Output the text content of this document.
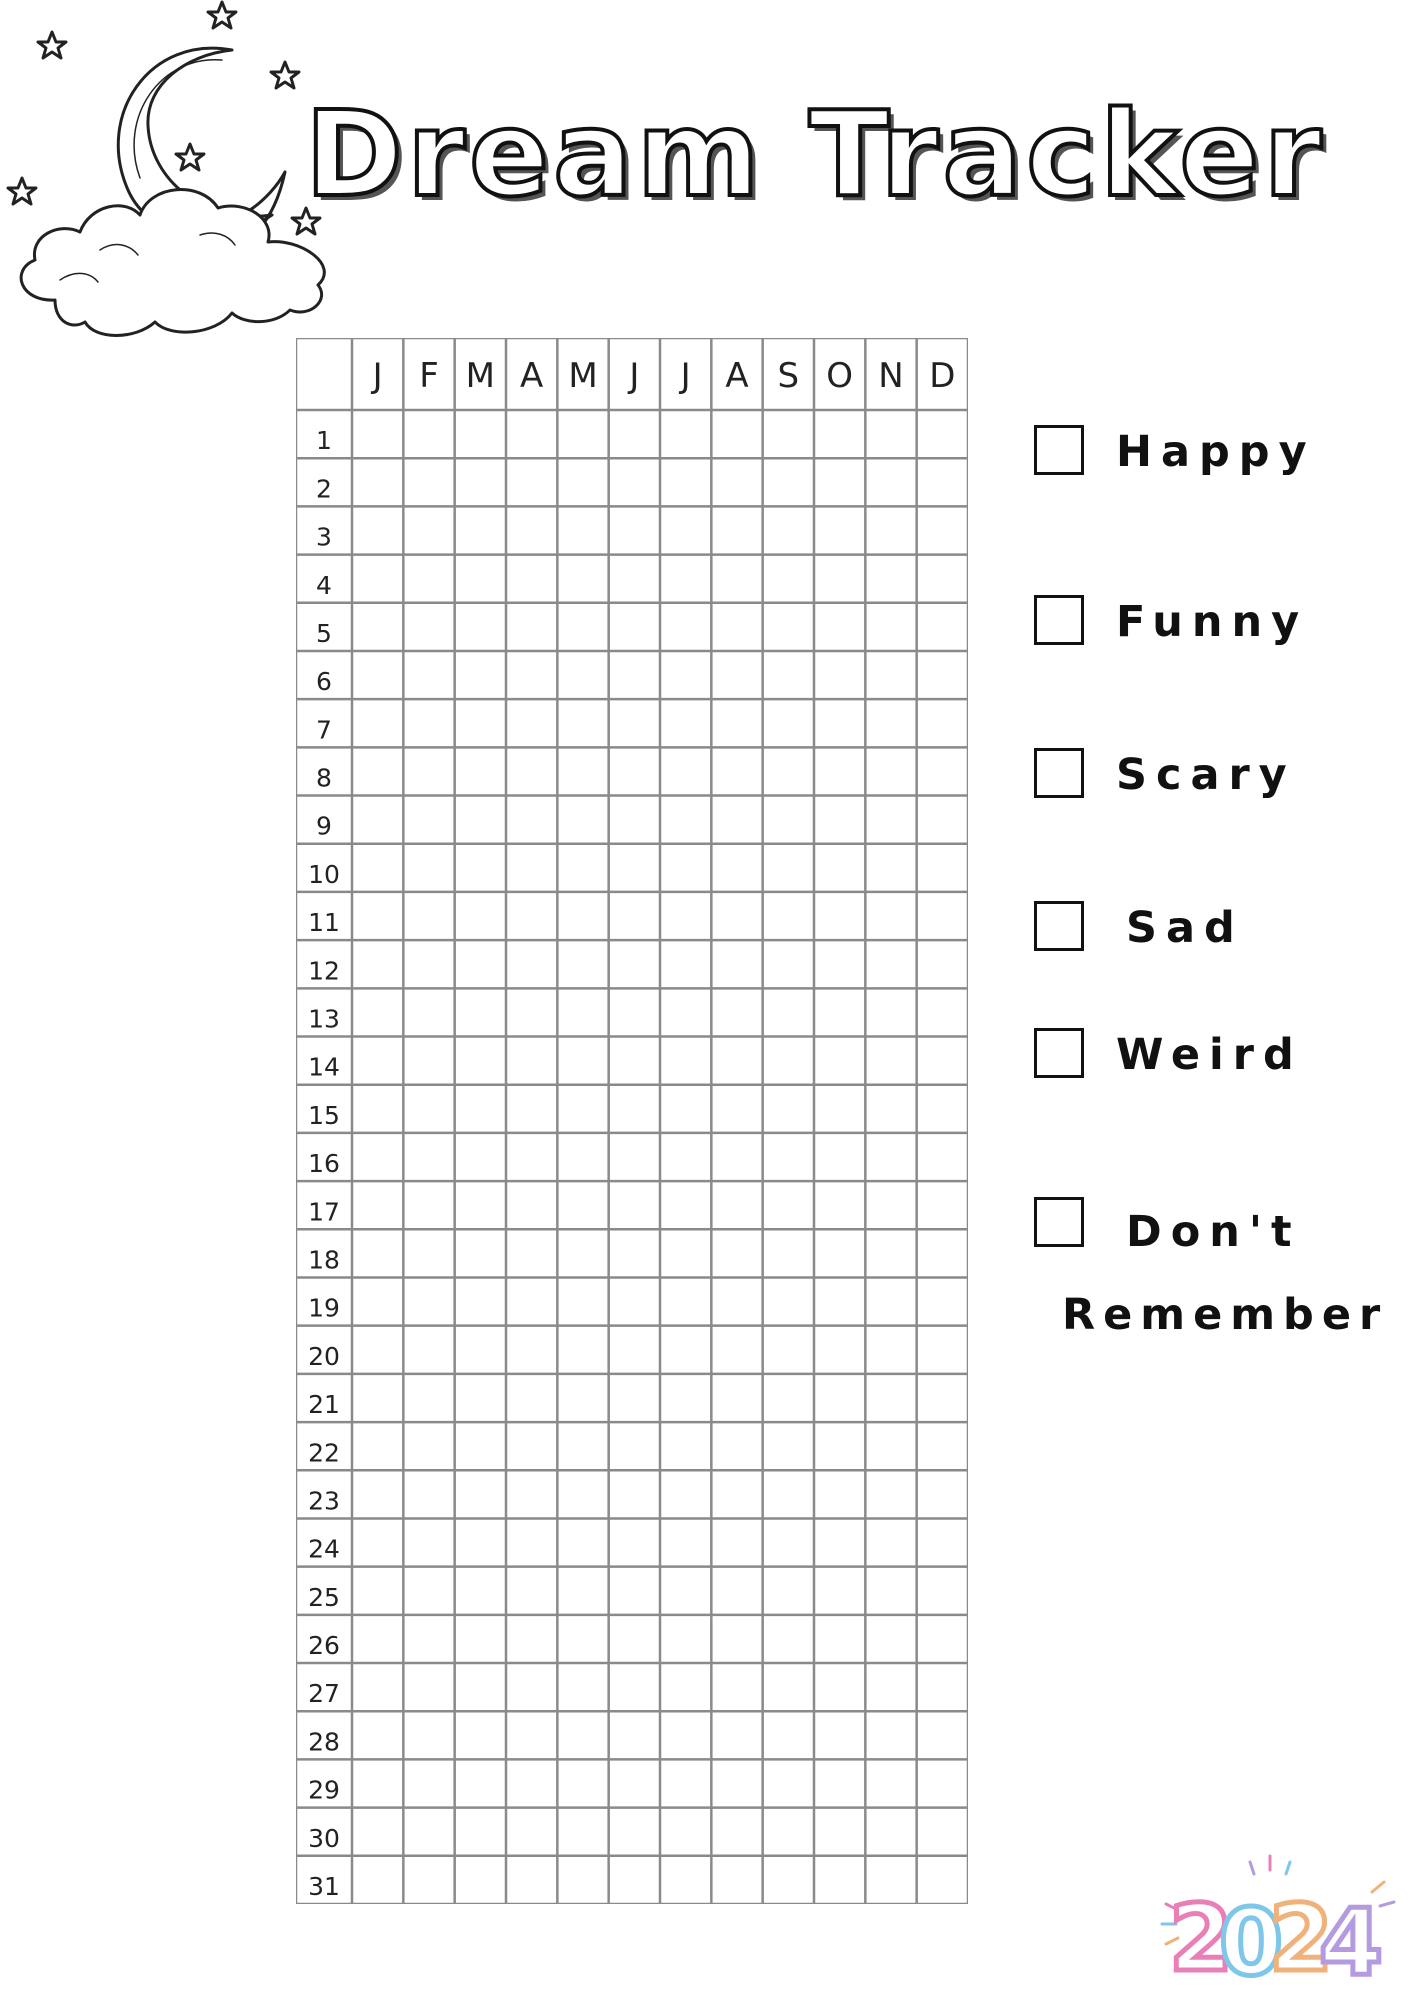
Dream Tracker
J F M A M J J A S O N D
1
2
3
4
5
6
7
8
9
10
11
12
13
14
15
16
17
18
19
20
21
22
23
24
25
26
27
28
29
30
31
Happy
Funny
Scary
Sad
Weird
Don't
Remember
2
0
2
4
